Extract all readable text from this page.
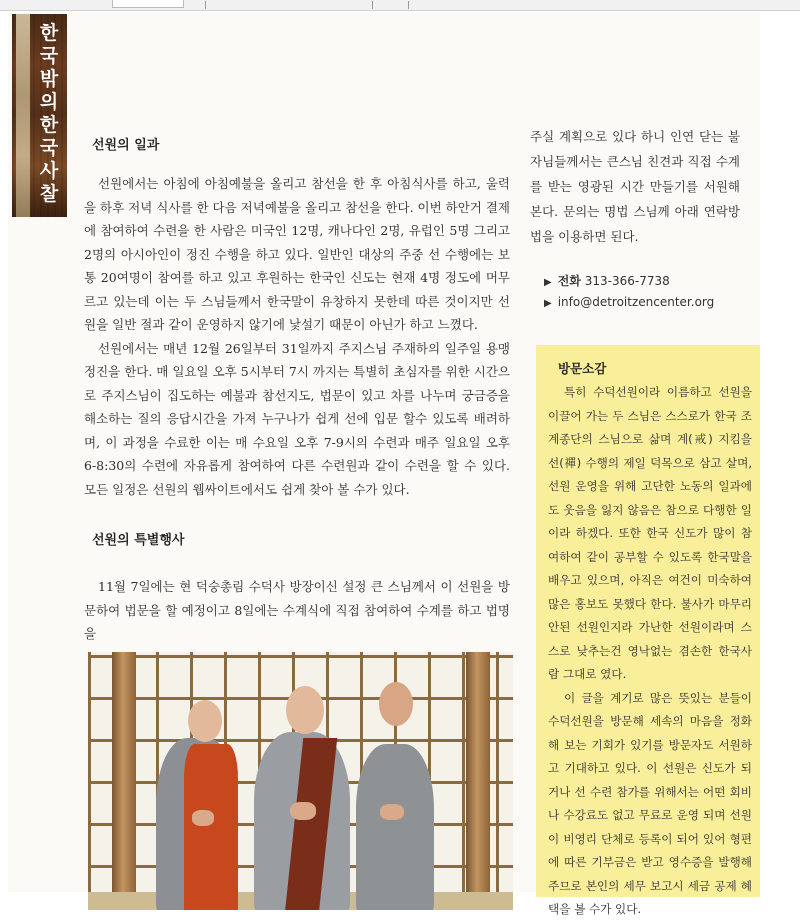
한국
밖의
한국사찰
선원의 일과

선원에서는 아침에 아침예불을 올리고 참선을 한 후 아침식사를 하고, 울력을 하후 저녁 식사를 한 다음 저녁예불을 올리고 참선을 한다. 이번 하안거 결제에 참여하여 수련을 한 사람은 미국인 12명, 캐나다인 2명, 유럽인 5명 그리고 2명의 아시아인이 정진 수행을 하고 있다. 일반인 대상의 주중 선 수행에는 보통 20여명이 참여를 하고 있고 후원하는 한국인 신도는 현재 4명 정도에 머무르고 있는데 이는 두 스님들께서 한국말이 유창하지 못한데 따른 것이지만 선원을 일반 절과 같이 운영하지 않기에 낯설기 때문이 아닌가 하고 느꼈다.

선원에서는 매년 12월 26일부터 31일까지 주지스님 주재하의 일주일 용맹정진을 한다. 매 일요일 오후 5시부터 7시 까지는 특별히 초심자를 위한 시간으로 주지스님이 집도하는 예불과 참선지도, 법문이 있고 차를 나누며 궁금증을 해소하는 질의 응답시간을 가져 누구나가 쉽게 선에 입문 할수 있도록 배려하며, 이 과정을 수료한 이는 매 수요일 오후 7-9시의 수련과 매주 일요일 오후 6-8:30의 수련에 자유롭게 참여하여 다른 수련원과 같이 수련을 할 수 있다. 모든 일정은 선원의 웹싸이트에서도 쉽게 찾아 볼 수가 있다.

선원의 특별행사

11월 7일에는 현 덕숭총림 수덕사 방장이신 설정 큰 스님께서 이 선원을 방문하여 법문을 할 예정이고 8일에는 수계식에 직접 참여하여 수계를 하고 법명을

주실 계획으로 있다 하니 인연 닫는 불자님들께서는 큰스님 친견과 직접 수계를 받는 영광된 시간 만들기를 서원해 본다. 문의는 명법 스님께 아래 연락방법을 이용하면 된다.

▶ 전화 313-366-7738
▶ info@detroitzencenter.org
방문소감

특히 수덕선원이라 이름하고 선원을 이끌어 가는 두 스님은 스스로가 한국 조계종단의 스님으로 삶며 계(戒) 지킴을 선(禪) 수행의 제일 덕목으로 삼고 살며, 선원 운영을 위해 고단한 노동의 일과에도 웃음을 잃지 않음은 참으로 다행한 일 이라 하겠다. 또한 한국 신도가 많이 참여하여 같이 공부할 수 있도록 한국말을 배우고 있으며, 아직은 여건이 미숙하여 많은 홍보도 못했다 한다. 불사가 마무리 안된 선원인지라 가난한 선원이라며 스스로 낮추는건 영낙없는 겸손한 한국사람 그대로 였다.

이 글을 계기로 많은 뜻있는 분들이 수덕선원을 방문해 세속의 마음을 정화해 보는 기회가 있기를 방문자도 서원하고 기대하고 있다. 이 선원은 신도가 되거나 선 수련 참가를 위해서는 어떤 회비나 수강료도 없고 무료로 운영 되며 선원이 비영리 단체로 등록이 되어 있어 형편에 따른 기부금은 받고 영수증을 발행해 주므로 본인의 세무 보고시 세금 공제 혜택을 볼 수가 있다.
